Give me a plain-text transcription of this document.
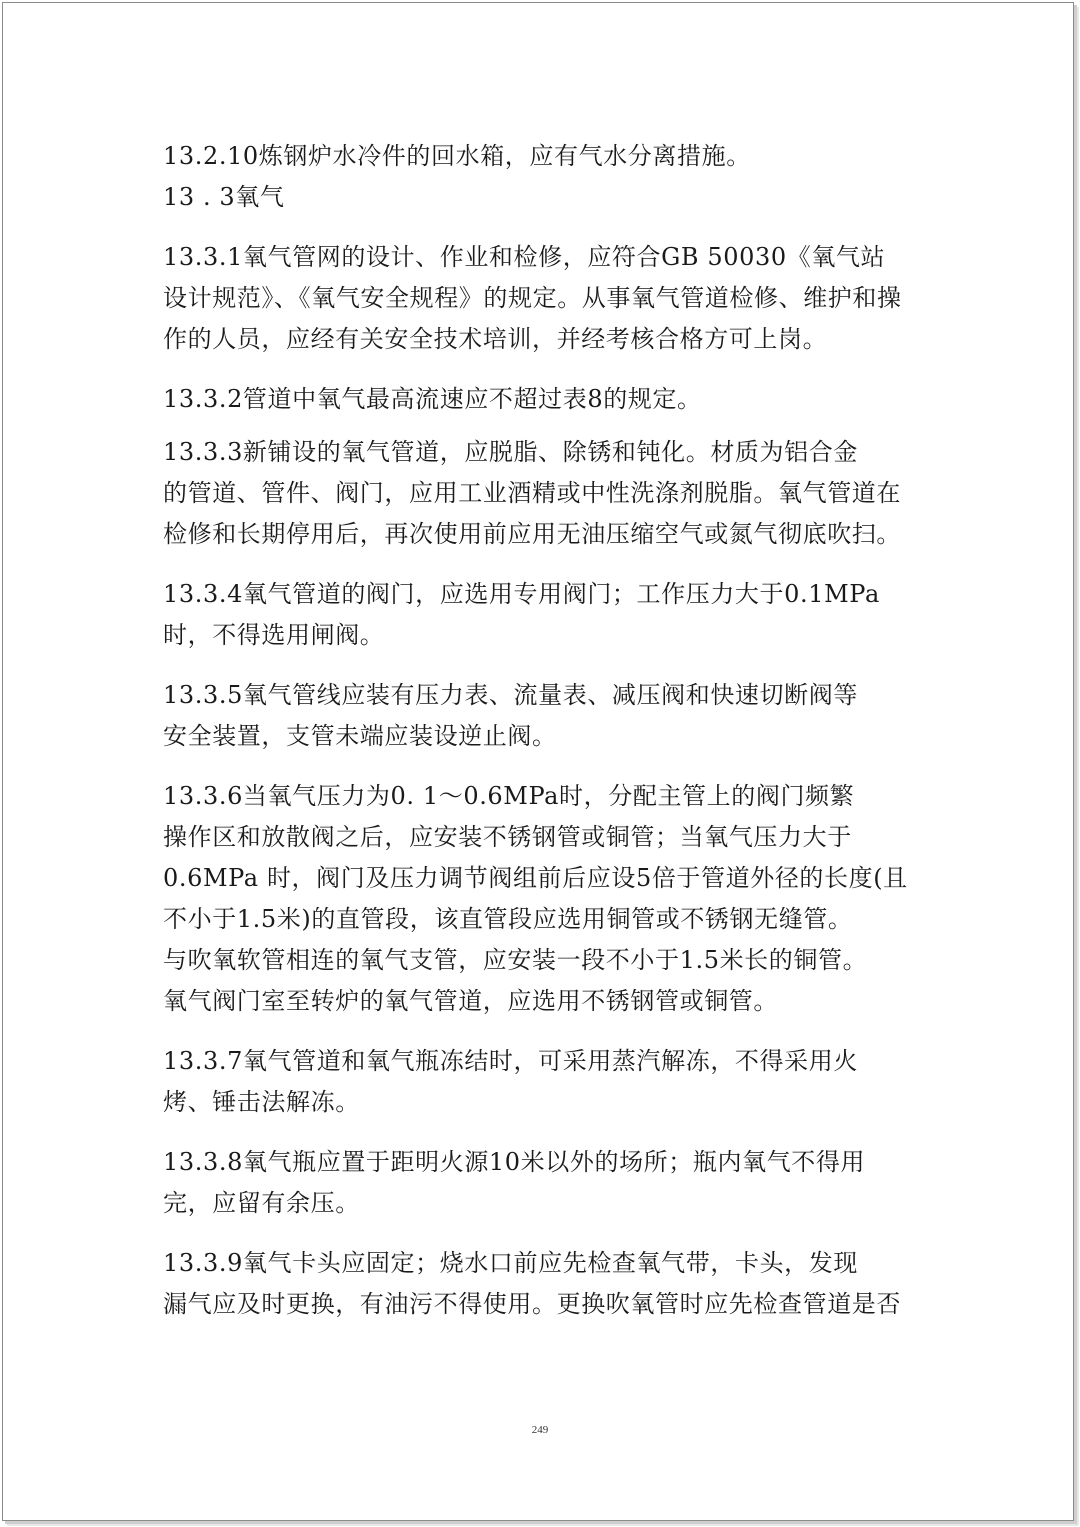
13.2.10炼钢炉水冷件的回水箱，应有气水分离措施。

13 . 3氧气

13.3.1氧气管网的设计、作业和检修，应符合GB 50030《氧气站
设计规范》、《氧气安全规程》的规定。从事氧气管道检修、维护和操
作的人员，应经有关安全技术培训，并经考核合格方可上岗。

13.3.2管道中氧气最高流速应不超过表8的规定。

13.3.3新铺设的氧气管道，应脱脂、除锈和钝化。材质为铝合金
的管道、管件、阀门，应用工业酒精或中性洗涤剂脱脂。氧气管道在
检修和长期停用后，再次使用前应用无油压缩空气或氮气彻底吹扫。

13.3.4氧气管道的阀门，应选用专用阀门；工作压力大于0.1MPa
时，不得选用闸阀。

13.3.5氧气管线应装有压力表、流量表、减压阀和快速切断阀等
安全装置，支管未端应装设逆止阀。

13.3.6当氧气压力为0. 1～0.6MPa时，分配主管上的阀门频繁
操作区和放散阀之后，应安装不锈钢管或铜管；当氧气压力大于
0.6MPa 时，阀门及压力调节阀组前后应设5倍于管道外径的长度(且
不小于1.5米)的直管段，该直管段应选用铜管或不锈钢无缝管。
与吹氧软管相连的氧气支管，应安装一段不小于1.5米长的铜管。
氧气阀门室至转炉的氧气管道，应选用不锈钢管或铜管。

13.3.7氧气管道和氧气瓶冻结时，可采用蒸汽解冻，不得采用火
烤、锤击法解冻。

13.3.8氧气瓶应置于距明火源10米以外的场所；瓶内氧气不得用
完，应留有余压。

13.3.9氧气卡头应固定；烧水口前应先检查氧气带，卡头，发现
漏气应及时更换，有油污不得使用。更换吹氧管时应先检查管道是否

249
